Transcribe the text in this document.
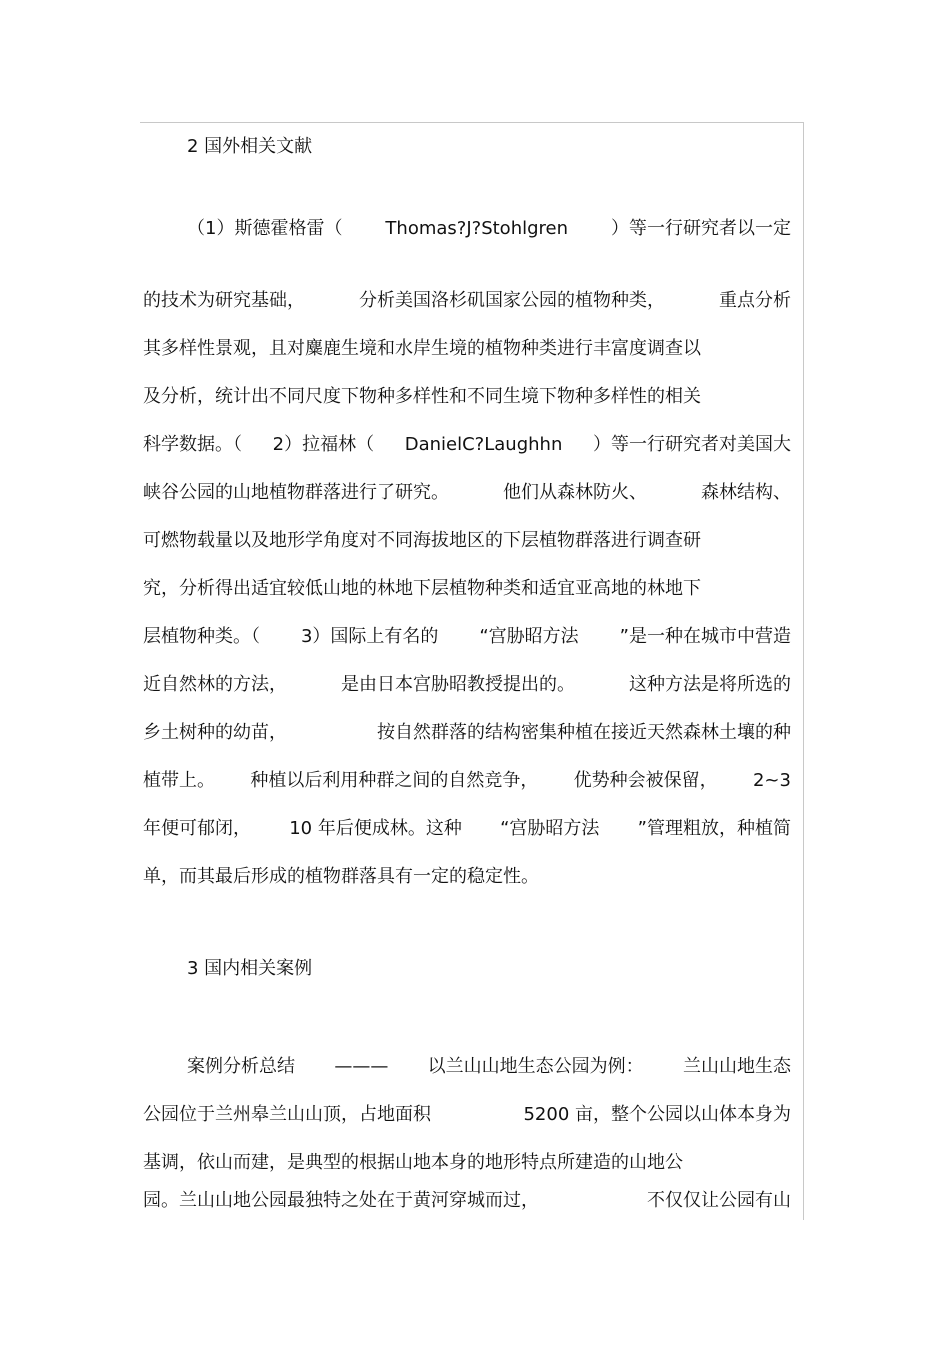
2 国外相关文献
（1）斯德霍格雷（ Thomas?J?Stohlgren ）等一行研究者以一定
的技术为研究基础，	分析美国洛杉矶国家公园的植物种类，	重点分析
其多样性景观，且对麋鹿生境和水岸生境的植物种类进行丰富度调查以
及分析，统计出不同尺度下物种多样性和不同生境下物种多样性的相关
科学数据。（ 2）拉福林（ DanielC?Laughhn ）等一行研究者对美国大
峡谷公园的山地植物群落进行了研究。	他们从森林防火、	森林结构、
可燃物载量以及地形学角度对不同海拔地区的下层植物群落进行调查研
究，分析得出适宜较低山地的林地下层植物种类和适宜亚高地的林地下
层植物种类。（ 3）国际上有名的 “宫胁昭方法 ”是一种在城市中营造
近自然林的方法，	是由日本宫胁昭教授提出的。	这种方法是将所选的
乡土树种的幼苗，	按自然群落的结构密集种植在接近天然森林土壤的种
植带上。 种植以后利用种群之间的自然竞争， 优势种会被保留， 2~3
年便可郁闭， 10 年后便成林。这种 “宫胁昭方法 ”管理粗放，种植简
单，而其最后形成的植物群落具有一定的稳定性。
3 国内相关案例
案例分析总结 ——— 以兰山山地生态公园为例： 兰山山地生态
公园位于兰州皋兰山山顶，占地面积	5200 亩，整个公园以山体本身为
基调，依山而建，是典型的根据山地本身的地形特点所建造的山地公
园。兰山山地公园最独特之处在于黄河穿城而过，	不仅仅让公园有山
